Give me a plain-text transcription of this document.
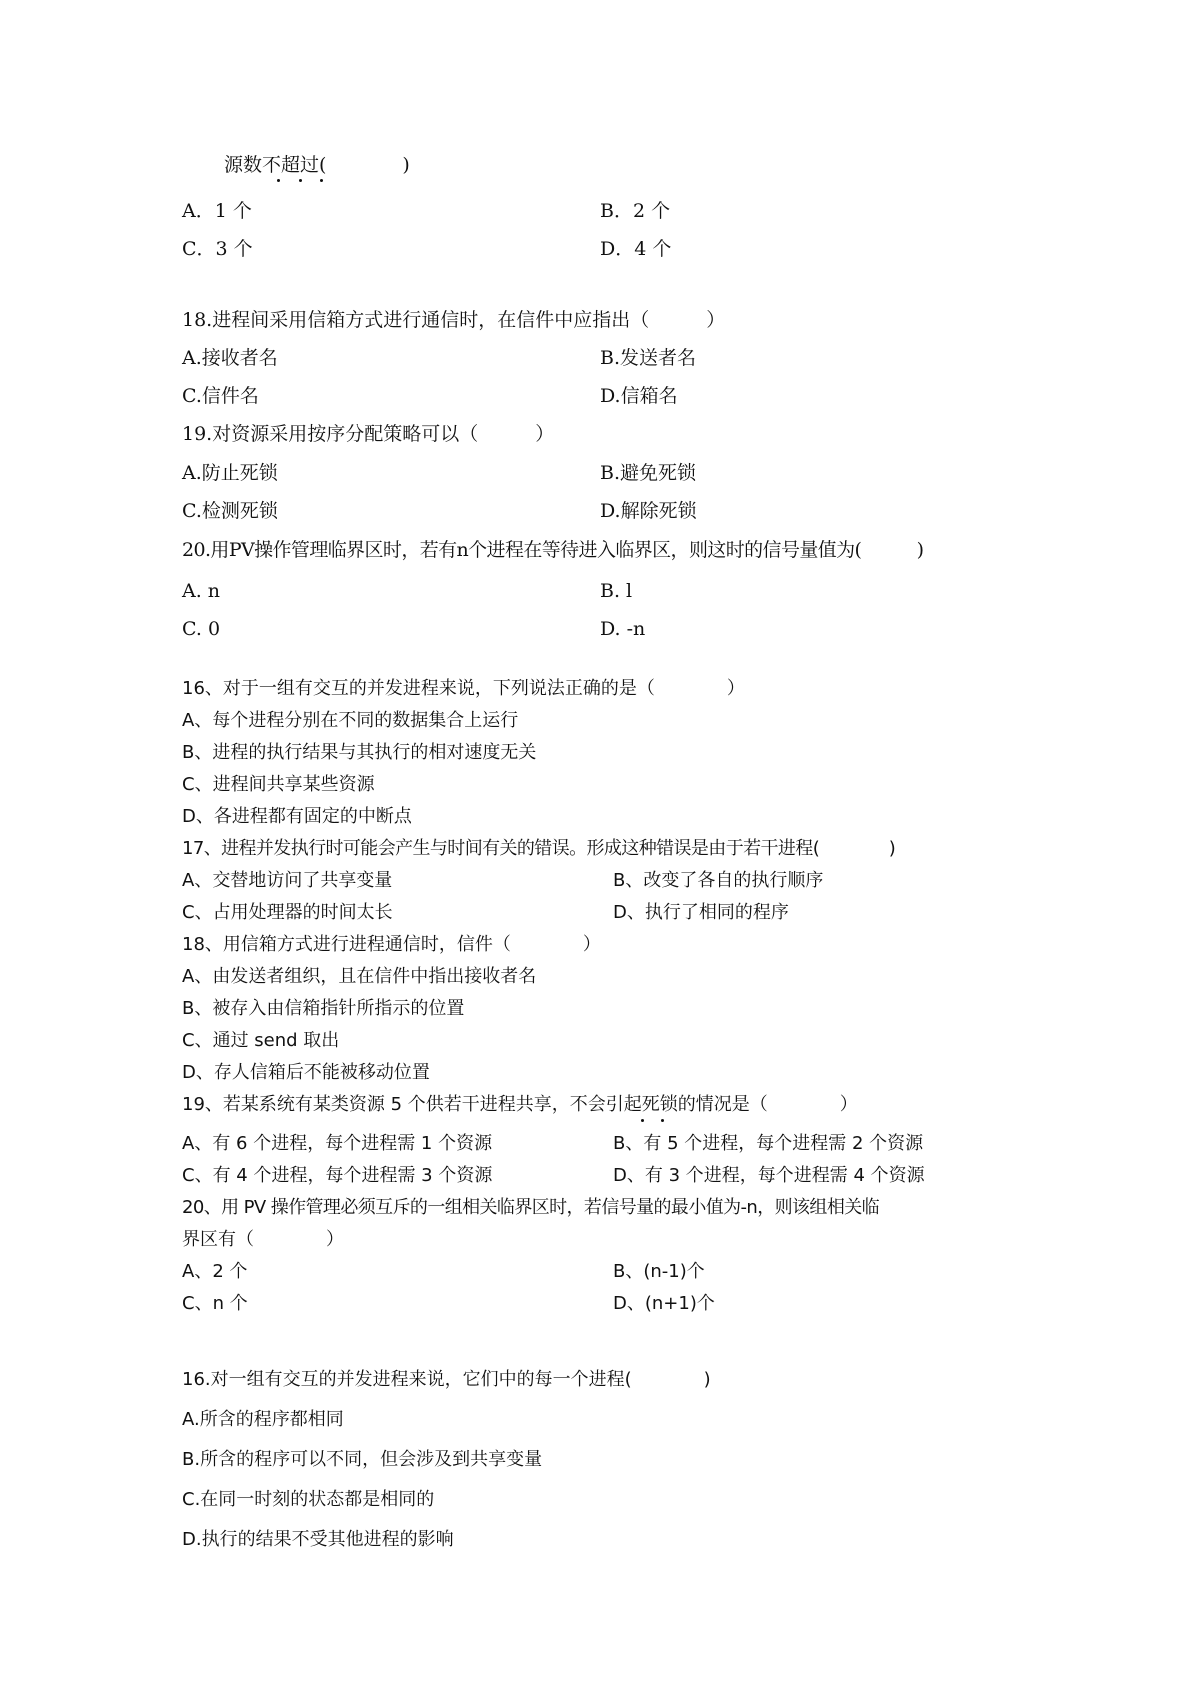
源数不超过(　　　　)
A．1 个	B．2 个
C．3 个	D．4 个
18.进程间采用信箱方式进行通信时，在信件中应指出（　　　）
A.接收者名	B.发送者名
C.信件名	D.信箱名
19.对资源采用按序分配策略可以（　　　）
A.防止死锁	B.避免死锁
C.检测死锁	D.解除死锁
20.用PV操作管理临界区时，若有n个进程在等待进入临界区，则这时的信号量值为(　　　)
A. n	B. l
C. 0	D. -n
16、对于一组有交互的并发进程来说，下列说法正确的是（　　　　）
A、每个进程分别在不同的数据集合上运行
B、进程的执行结果与其执行的相对速度无关
C、进程间共享某些资源
D、各进程都有固定的中断点
17、进程并发执行时可能会产生与时间有关的错误。形成这种错误是由于若干进程(　　　　)
A、交替地访问了共享变量	B、改变了各自的执行顺序
C、占用处理器的时间太长	D、执行了相同的程序
18、用信箱方式进行进程通信时，信件（　　　　）
A、由发送者组织，且在信件中指出接收者名
B、被存入由信箱指针所指示的位置
C、通过 send 取出
D、存人信箱后不能被移动位置
19、若某系统有某类资源 5 个供若干进程共享，不会引起死锁的情况是（　　　　）
A、有 6 个进程，每个进程需 1 个资源	B、有 5 个进程，每个进程需 2 个资源
C、有 4 个进程，每个进程需 3 个资源	D、有 3 个进程，每个进程需 4 个资源
20、用 PV 操作管理必须互斥的一组相关临界区时，若信号量的最小值为-n，则该组相关临
界区有（　　　　）
A、2 个	B、(n-1)个
C、n 个	D、(n+1)个
16.对一组有交互的并发进程来说，它们中的每一个进程(　　　　)
A.所含的程序都相同
B.所含的程序可以不同，但会涉及到共享变量
C.在同一时刻的状态都是相同的
D.执行的结果不受其他进程的影响
